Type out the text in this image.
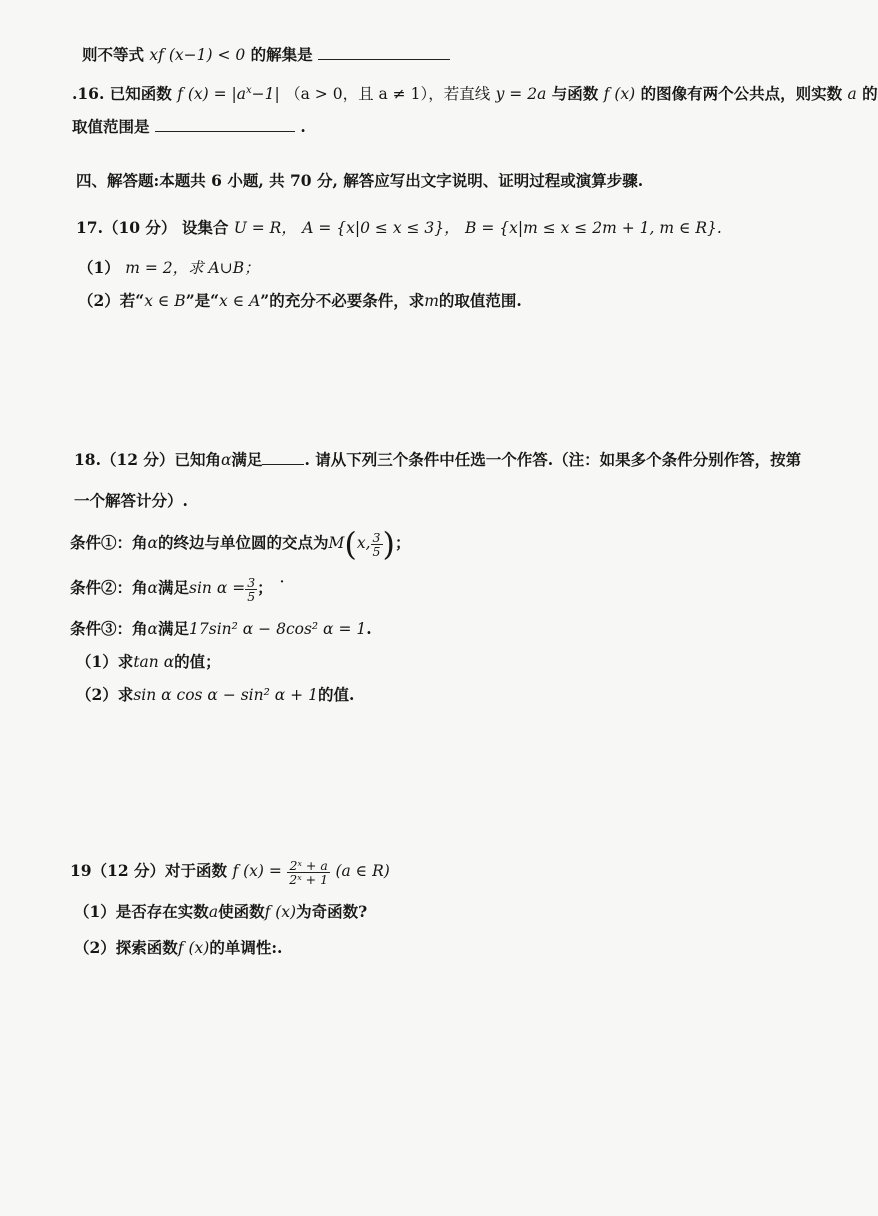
则不等式 xf (x−1) < 0 的解集是
.16. 已知函数 f $(x) = |a^x-1|$ （a > 0，且 a ≠ 1），若直线 y = 2a 与函数 f (x) 的图像有两个公共点，则实数 a 的
取值范围是	.
四、解答题:本题共 6 小题, 共 70 分, 解答应写出文字说明、证明过程或演算步骤.
17.（10 分） 设集合 U = R， A = {x|0 ≤ x ≤ 3}， B = {x|m ≤ x ≤ 2m + 1, m ∈ R}.
（1） m = 2，求 A∪B；
（2）若“x ∈ B”是“x ∈ A”的充分不必要条件，求m的取值范围.
18.（12 分）已知角α满足	. 请从下列三个条件中任选一个作答.（注：如果多个条件分别作答，按第
一个解答计分）.
条件①：角α的终边与单位圆的交点为M(x, $\frac{3}{5}$ )；
条件②：角α满足$\sin \alpha = \frac{3}{5}$ ； ˙
条件③：角α满足17sin² α − 8cos² α = 1.
（1）求tan α的值；
（2）求sin α cos α − sin² α + 1的值.
19（12 分）对于函数 f $(x) = \frac{\text{2ˣ + a}}{\text{2ˣ + 1}} (a$ ∈ R)
（1）是否存在实数a使函数f (x)为奇函数?
（2）探索函数f (x)的单调性:.
